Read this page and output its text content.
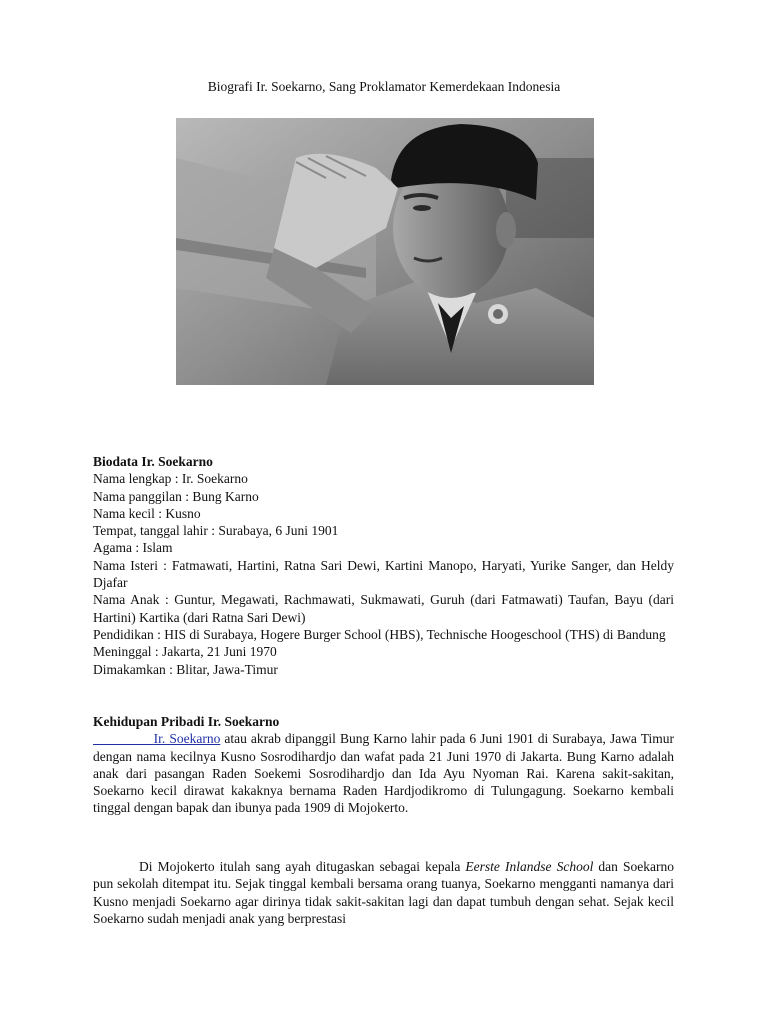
Biografi Ir. Soekarno, Sang Proklamator Kemerdekaan Indonesia

Biodata Ir. Soekarno

Nama lengkap : Ir. Soekarno

Nama panggilan : Bung Karno

Nama kecil : Kusno

Tempat, tanggal lahir : Surabaya, 6 Juni 1901

Agama : Islam

Nama Isteri : Fatmawati, Hartini, Ratna Sari Dewi, Kartini Manopo, Haryati, Yurike Sanger, dan Heldy Djafar

Nama Anak : Guntur, Megawati, Rachmawati, Sukmawati, Guruh (dari Fatmawati) Taufan, Bayu (dari Hartini) Kartika (dari Ratna Sari Dewi)

Pendidikan : HIS di Surabaya, Hogere Burger School (HBS), Technische Hoogeschool (THS) di Bandung

Meninggal : Jakarta, 21 Juni 1970

Dimakamkan : Blitar, Jawa-Timur

Kehidupan Pribadi Ir. Soekarno

Ir. Soekarno atau akrab dipanggil Bung Karno lahir pada 6 Juni 1901 di Surabaya, Jawa Timur dengan nama kecilnya Kusno Sosrodihardjo dan wafat pada 21 Juni 1970 di Jakarta. Bung Karno adalah anak dari pasangan Raden Soekemi Sosrodihardjo dan Ida Ayu Nyoman Rai. Karena sakit-sakitan, Soekarno kecil dirawat kakaknya bernama Raden Hardjodikromo di Tulungagung. Soekarno kembali tinggal dengan bapak dan ibunya pada 1909 di Mojokerto.

Di Mojokerto itulah sang ayah ditugaskan sebagai kepala Eerste Inlandse School dan Soekarno pun sekolah ditempat itu. Sejak tinggal kembali bersama orang tuanya, Soekarno mengganti namanya dari Kusno menjadi Soekarno agar dirinya tidak sakit-sakitan lagi dan dapat tumbuh dengan sehat. Sejak kecil Soekarno sudah menjadi anak yang berprestasi
